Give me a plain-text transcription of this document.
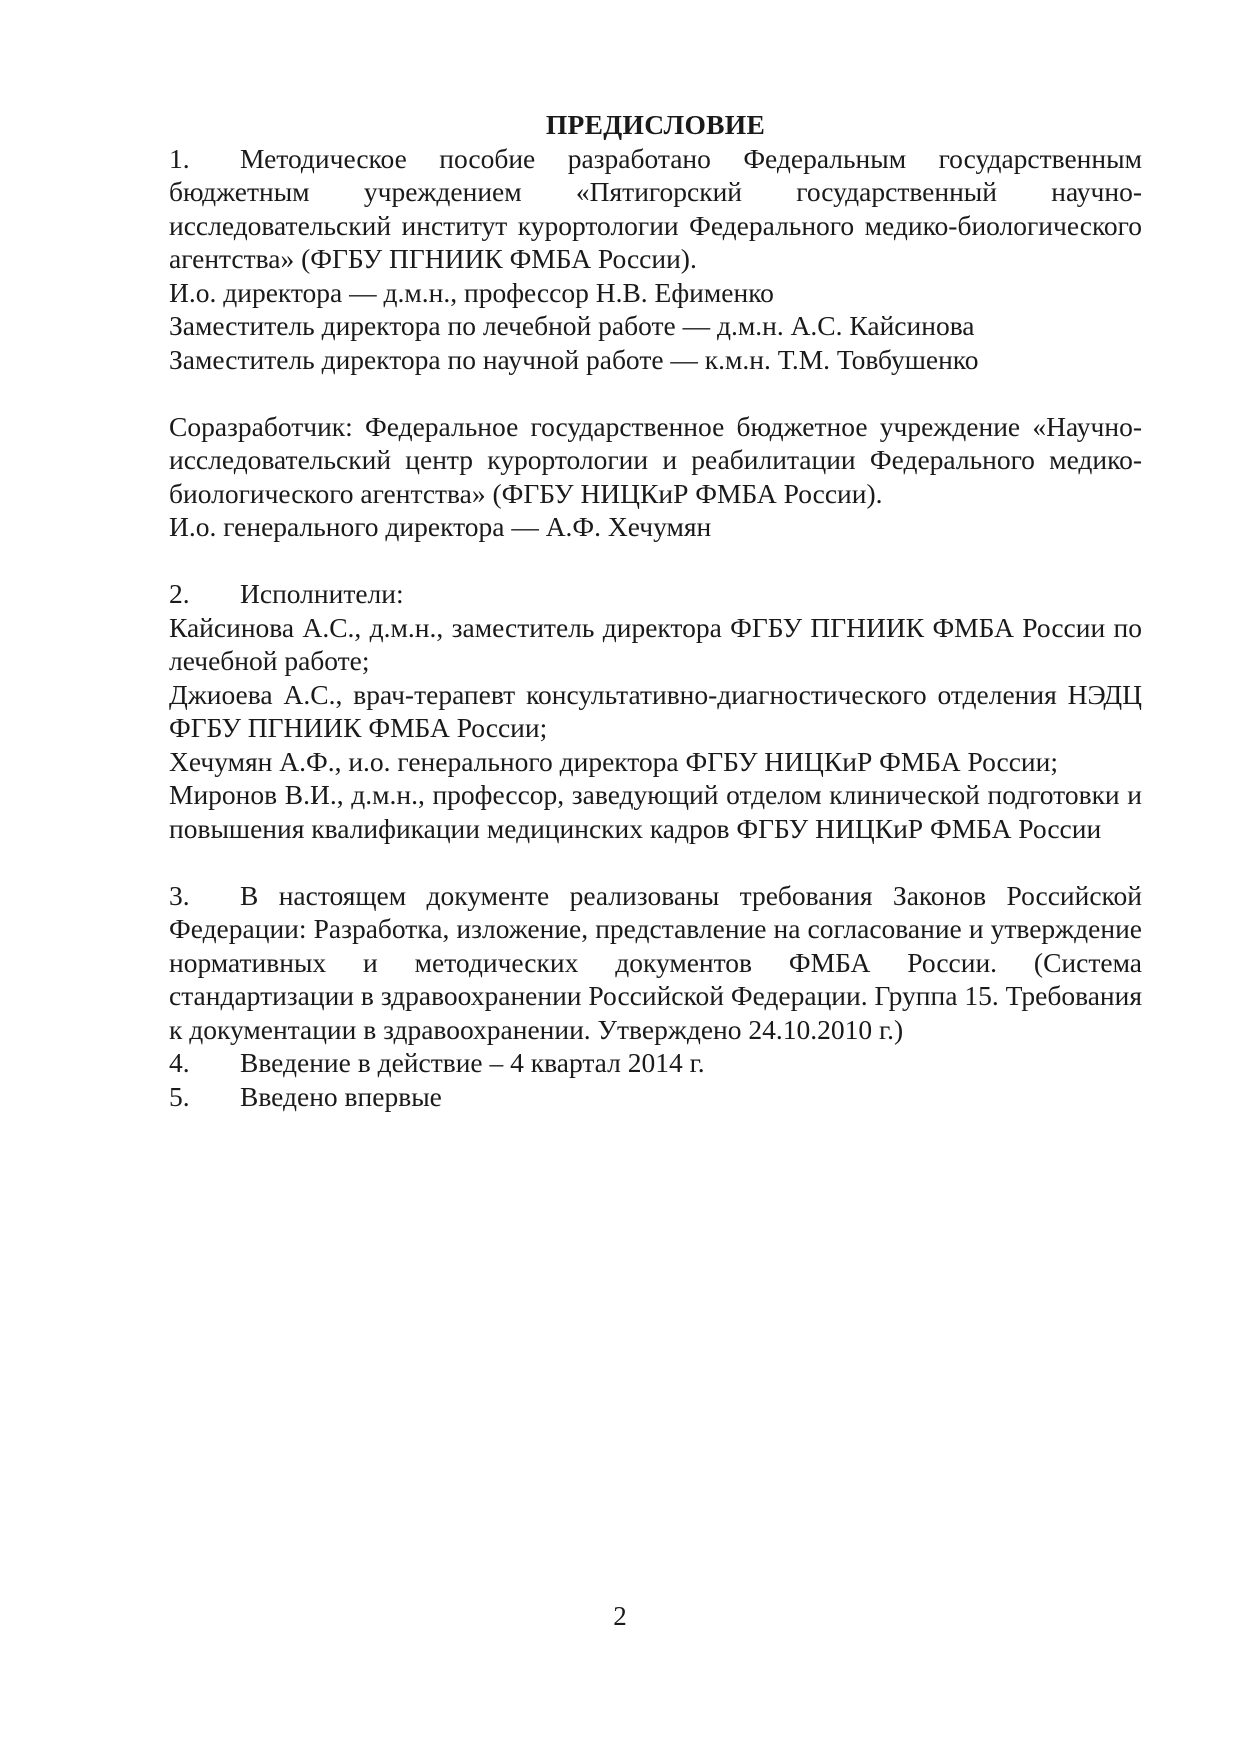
ПРЕДИСЛОВИЕ

1. Методическое пособие разработано Федеральным государственным бюджетным учреждением «Пятигорский государственный научно-исследовательский институт курортологии Федерального медико-биологического агентства» (ФГБУ ПГНИИК ФМБА России).

И.о. директора — д.м.н., профессор Н.В. Ефименко

Заместитель директора по лечебной работе — д.м.н. А.С. Кайсинова

Заместитель директора по научной работе — к.м.н. Т.М. Товбушенко

Соразработчик: Федеральное государственное бюджетное учреждение «Научно-исследовательский центр курортологии и реабилитации Федерального медико-биологического агентства» (ФГБУ НИЦКиР ФМБА России).

И.о. генерального директора — А.Ф. Хечумян

2. Исполнители:

Кайсинова А.С., д.м.н., заместитель директора ФГБУ ПГНИИК ФМБА России по лечебной работе;

Джиоева А.С., врач-терапевт консультативно-диагностического отделения НЭДЦ ФГБУ ПГНИИК ФМБА России;

Хечумян А.Ф., и.о. генерального директора ФГБУ НИЦКиР ФМБА России;

Миронов В.И., д.м.н., профессор, заведующий отделом клинической подготовки и повышения квалификации медицинских кадров ФГБУ НИЦКиР ФМБА России

3. В настоящем документе реализованы требования Законов Российской Федерации: Разработка, изложение, представление на согласование и утверждение нормативных и методических документов ФМБА России. (Система стандартизации в здравоохранении Российской Федерации. Группа 15. Требования к документации в здравоохранении. Утверждено 24.10.2010 г.)

4. Введение в действие – 4 квартал 2014 г.

5. Введено впервые

2
